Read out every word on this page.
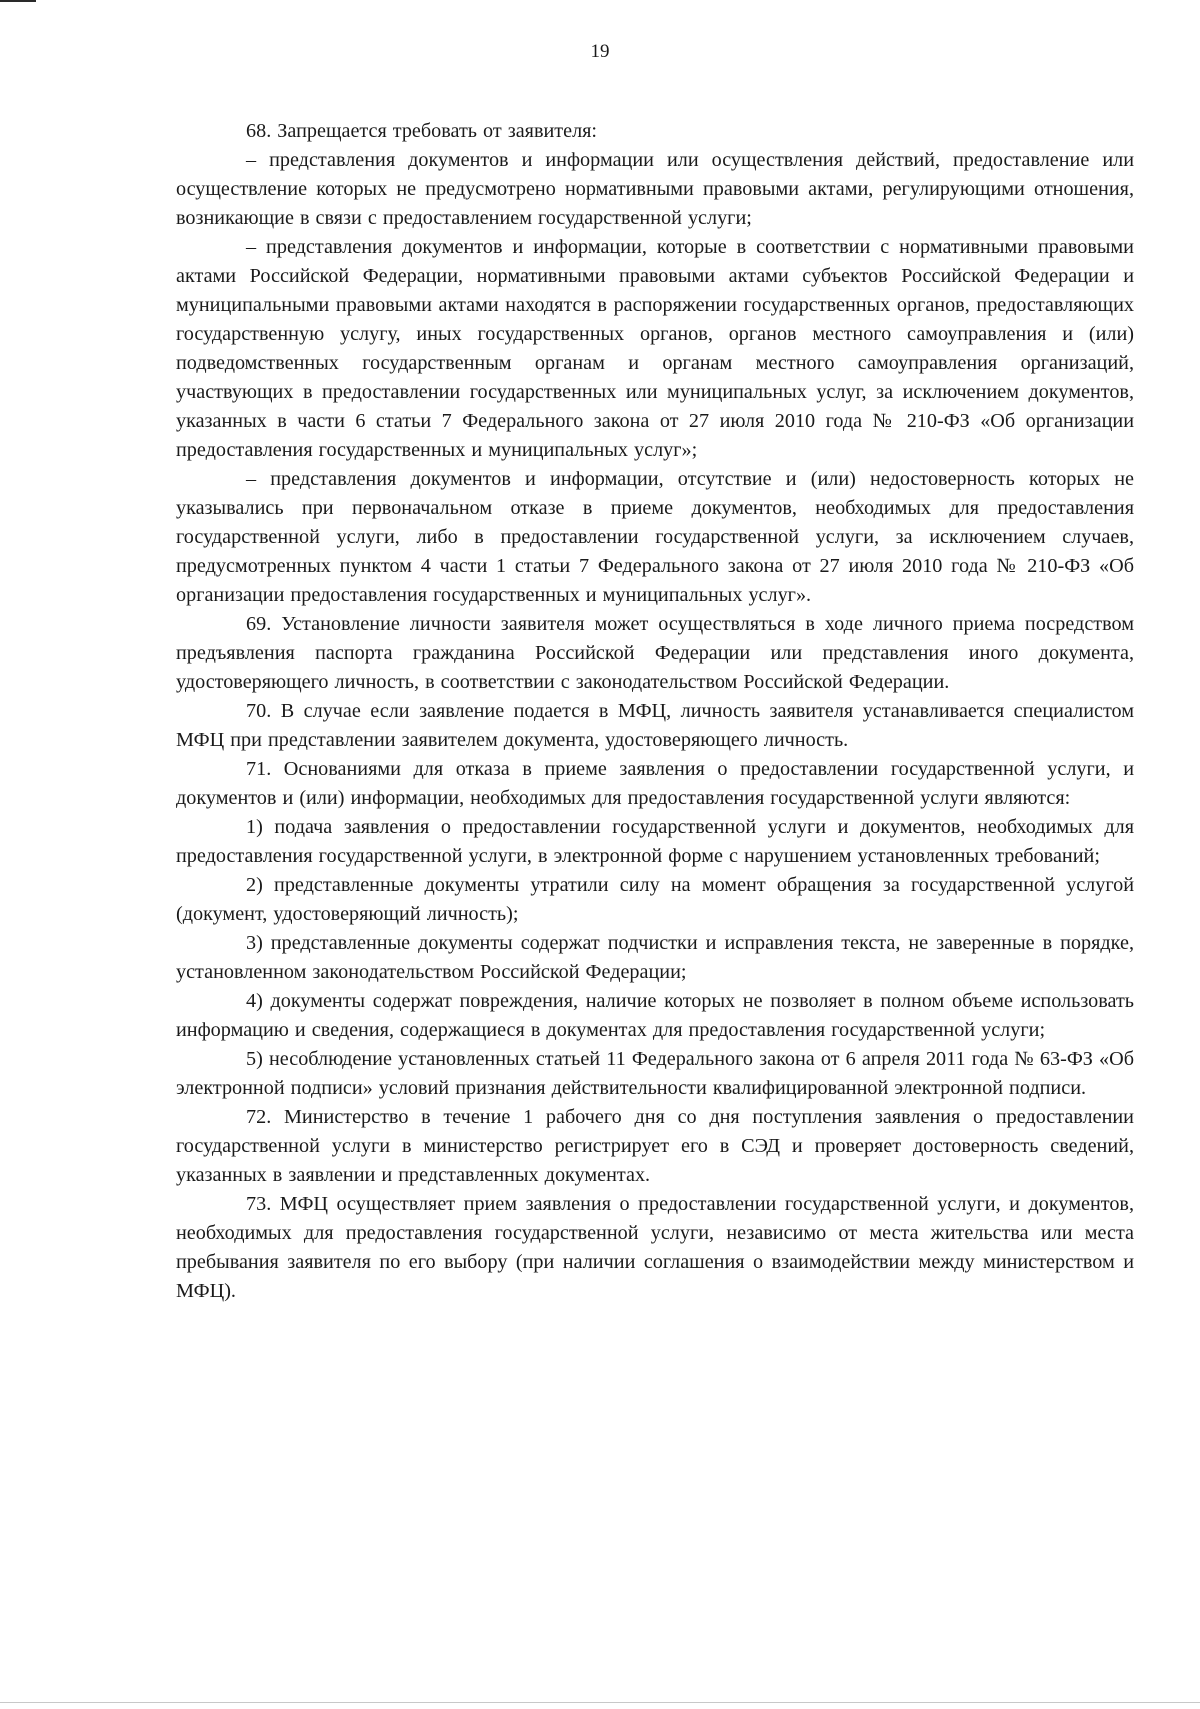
19

68. Запрещается требовать от заявителя:

– представления документов и информации или осуществления действий, предоставление или осуществление которых не предусмотрено нормативными правовыми актами, регулирующими отношения, возникающие в связи с предоставлением государственной услуги;

– представления документов и информации, которые в соответствии с нормативными правовыми актами Российской Федерации, нормативными правовыми актами субъектов Российской Федерации и муниципальными правовыми актами находятся в распоряжении государственных органов, предоставляющих государственную услугу, иных государственных органов, органов местного самоуправления и (или) подведомственных государственным органам и органам местного самоуправления организаций, участвующих в предоставлении государственных или муниципальных услуг, за исключением документов, указанных в части 6 статьи 7 Федерального закона от 27 июля 2010 года № 210-ФЗ «Об организации предоставления государственных и муниципальных услуг»;

– представления документов и информации, отсутствие и (или) недостоверность которых не указывались при первоначальном отказе в приеме документов, необходимых для предоставления государственной услуги, либо в предоставлении государственной услуги, за исключением случаев, предусмотренных пунктом 4 части 1 статьи 7 Федерального закона от 27 июля 2010 года № 210-ФЗ «Об организации предоставления государственных и муниципальных услуг».

69. Установление личности заявителя может осуществляться в ходе личного приема посредством предъявления паспорта гражданина Российской Федерации или представления иного документа, удостоверяющего личность, в соответствии с законодательством Российской Федерации.

70. В случае если заявление подается в МФЦ, личность заявителя устанавливается специалистом МФЦ при представлении заявителем документа, удостоверяющего личность.

71. Основаниями для отказа в приеме заявления о предоставлении государственной услуги, и документов и (или) информации, необходимых для предоставления государственной услуги являются:

1) подача заявления о предоставлении государственной услуги и документов, необходимых для предоставления государственной услуги, в электронной форме с нарушением установленных требований;

2) представленные документы утратили силу на момент обращения за государственной услугой (документ, удостоверяющий личность);

3) представленные документы содержат подчистки и исправления текста, не заверенные в порядке, установленном законодательством Российской Федерации;

4) документы содержат повреждения, наличие которых не позволяет в полном объеме использовать информацию и сведения, содержащиеся в документах для предоставления государственной услуги;

5) несоблюдение установленных статьей 11 Федерального закона от 6 апреля 2011 года № 63-ФЗ «Об электронной подписи» условий признания действительности квалифицированной электронной подписи.

72. Министерство в течение 1 рабочего дня со дня поступления заявления о предоставлении государственной услуги в министерство регистрирует его в СЭД и проверяет достоверность сведений, указанных в заявлении и представленных документах.

73. МФЦ осуществляет прием заявления о предоставлении государственной услуги, и документов, необходимых для предоставления государственной услуги, независимо от места жительства или места пребывания заявителя по его выбору (при наличии соглашения о взаимодействии между министерством и МФЦ).
